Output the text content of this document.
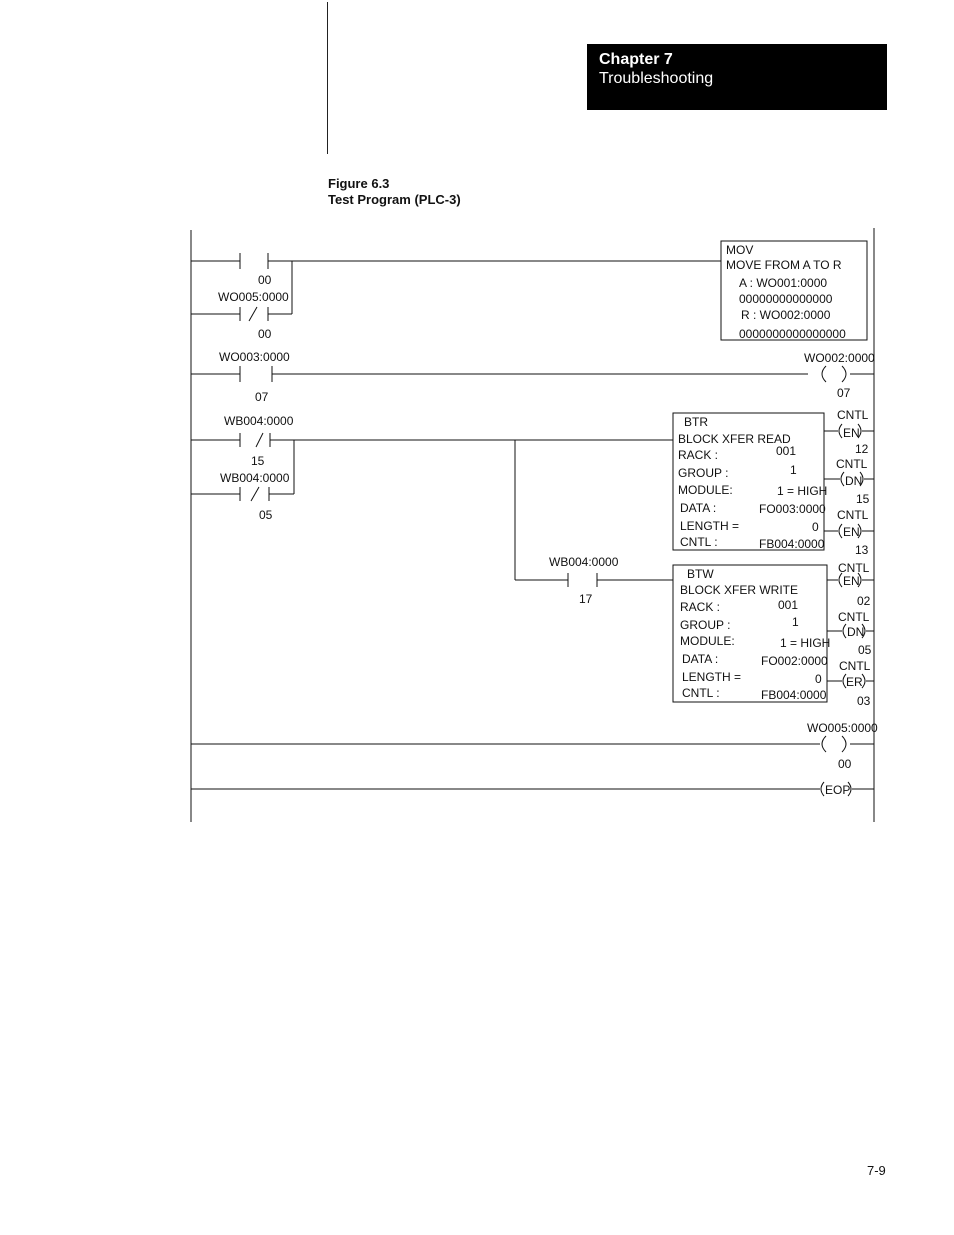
Chapter 7
Troubleshooting
Figure 6.3
Test Program (PLC-3)
00
WO005:0000
00
MOV
MOVE FROM A TO R
A : WO001:0000
00000000000000
R : WO002:0000
0000000000000000
WO003:0000
07
WO002:0000
07
WB004:0000
15
WB004:0000
05
BTR
BLOCK XFER READ
RACK :	001
GROUP :	1
MODULE:	1 = HIGH
DATA :	FO003:0000
LENGTH =	0
CNTL :	FB004:0000
CNTL
EN
12
CNTL
DN
15
CNTL
EN
13
WB004:0000
17
BTW
BLOCK XFER WRITE
RACK :	001
GROUP :	1
MODULE:	1 = HIGH
DATA :	FO002:0000
LENGTH =	0
CNTL :	FB004:0000
CNTL
EN
02
CNTL
DN
05
CNTL
ER
03
WO005:0000
00
EOP
7-9
